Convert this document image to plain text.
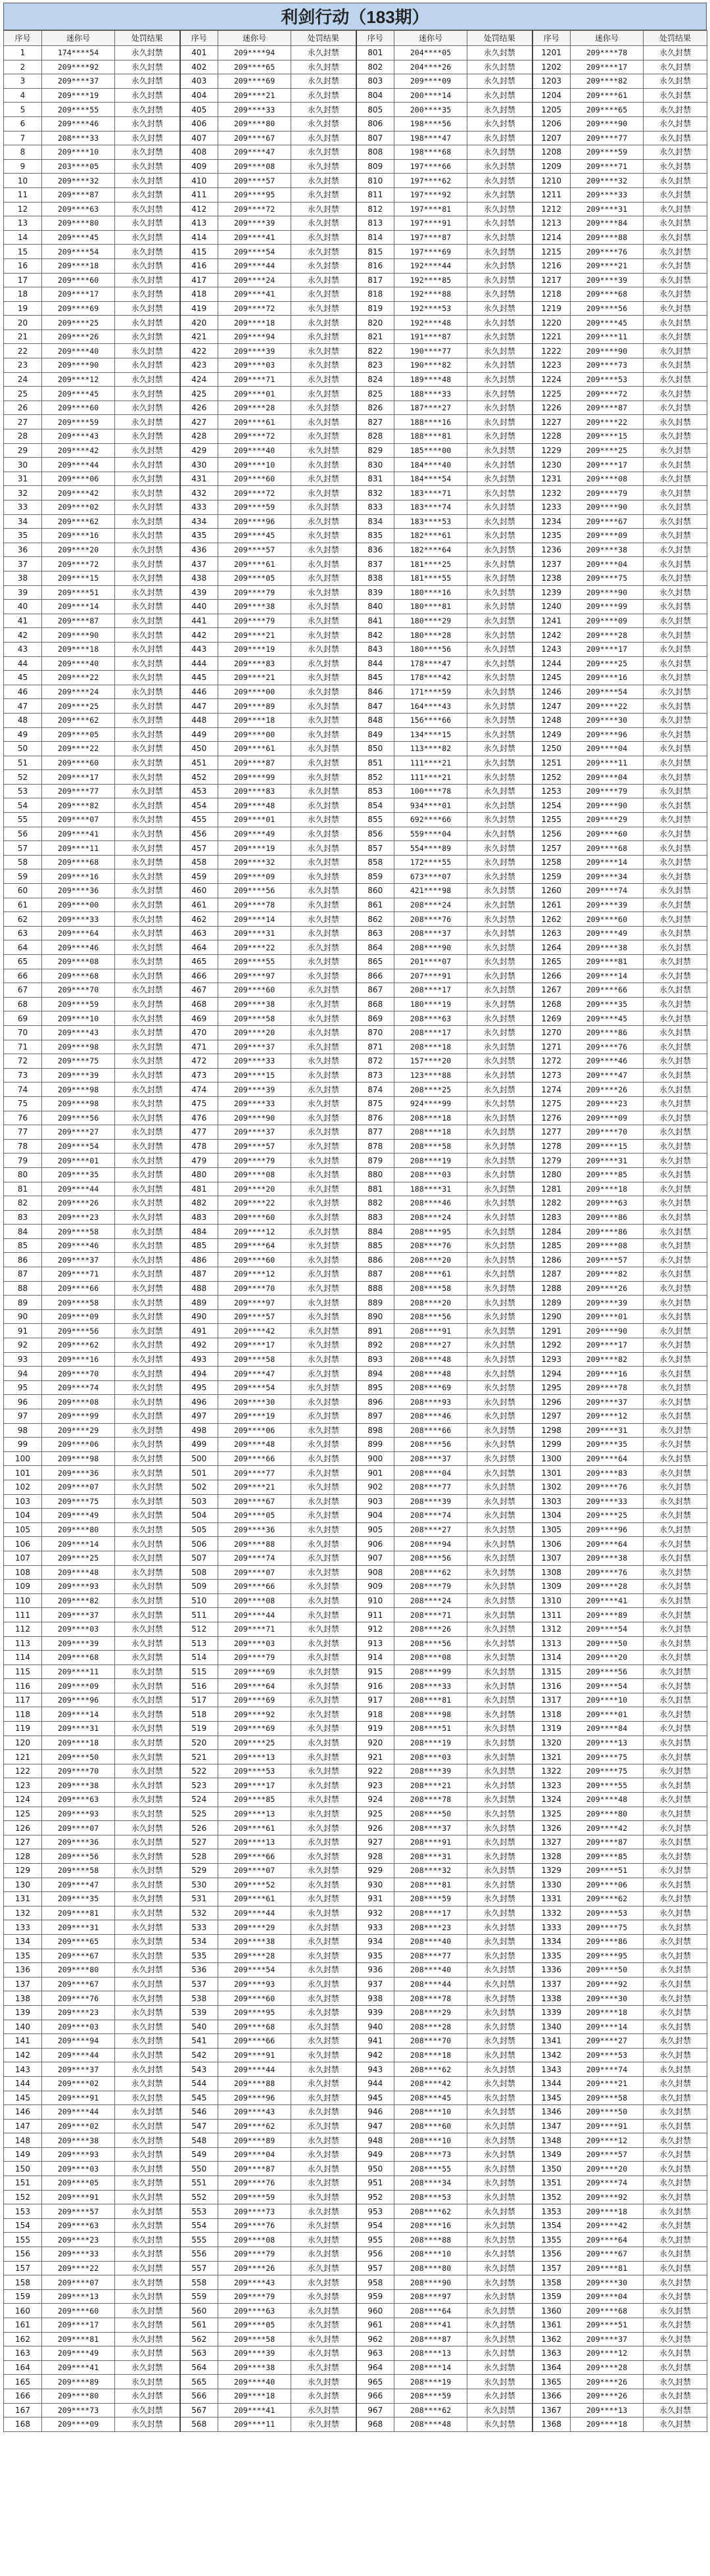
利剑行动（183期）
序号	迷你号	处罚结果	序号	迷你号	处罚结果	序号	迷你号	处罚结果	序号	迷你号	处罚结果
1	174****54	永久封禁	401	209****94	永久封禁	801	204****05	永久封禁	1201	209****78	永久封禁
2	209****92	永久封禁	402	209****65	永久封禁	802	204****26	永久封禁	1202	209****17	永久封禁
3	209****37	永久封禁	403	209****69	永久封禁	803	209****09	永久封禁	1203	209****82	永久封禁
4	209****19	永久封禁	404	209****21	永久封禁	804	200****14	永久封禁	1204	209****61	永久封禁
5	209****55	永久封禁	405	209****33	永久封禁	805	200****35	永久封禁	1205	209****65	永久封禁
6	209****46	永久封禁	406	209****80	永久封禁	806	198****56	永久封禁	1206	209****90	永久封禁
7	208****33	永久封禁	407	209****67	永久封禁	807	198****47	永久封禁	1207	209****77	永久封禁
8	209****10	永久封禁	408	209****47	永久封禁	808	198****68	永久封禁	1208	209****59	永久封禁
9	203****05	永久封禁	409	209****08	永久封禁	809	197****66	永久封禁	1209	209****71	永久封禁
10	209****32	永久封禁	410	209****57	永久封禁	810	197****62	永久封禁	1210	209****32	永久封禁
11	209****87	永久封禁	411	209****95	永久封禁	811	197****92	永久封禁	1211	209****33	永久封禁
12	209****63	永久封禁	412	209****72	永久封禁	812	197****81	永久封禁	1212	209****31	永久封禁
13	209****80	永久封禁	413	209****39	永久封禁	813	197****91	永久封禁	1213	209****84	永久封禁
14	209****45	永久封禁	414	209****41	永久封禁	814	197****87	永久封禁	1214	209****88	永久封禁
15	209****54	永久封禁	415	209****54	永久封禁	815	197****69	永久封禁	1215	209****76	永久封禁
16	209****18	永久封禁	416	209****44	永久封禁	816	192****44	永久封禁	1216	209****21	永久封禁
17	209****60	永久封禁	417	209****24	永久封禁	817	192****85	永久封禁	1217	209****39	永久封禁
18	209****17	永久封禁	418	209****41	永久封禁	818	192****88	永久封禁	1218	209****68	永久封禁
19	209****69	永久封禁	419	209****72	永久封禁	819	192****53	永久封禁	1219	209****56	永久封禁
20	209****25	永久封禁	420	209****18	永久封禁	820	192****48	永久封禁	1220	209****45	永久封禁
21	209****26	永久封禁	421	209****94	永久封禁	821	191****87	永久封禁	1221	209****11	永久封禁
22	209****40	永久封禁	422	209****39	永久封禁	822	190****77	永久封禁	1222	209****90	永久封禁
23	209****90	永久封禁	423	209****03	永久封禁	823	190****82	永久封禁	1223	209****73	永久封禁
24	209****12	永久封禁	424	209****71	永久封禁	824	189****48	永久封禁	1224	209****53	永久封禁
25	209****45	永久封禁	425	209****01	永久封禁	825	188****33	永久封禁	1225	209****72	永久封禁
26	209****60	永久封禁	426	209****28	永久封禁	826	187****27	永久封禁	1226	209****87	永久封禁
27	209****59	永久封禁	427	209****61	永久封禁	827	188****16	永久封禁	1227	209****22	永久封禁
28	209****43	永久封禁	428	209****72	永久封禁	828	188****81	永久封禁	1228	209****15	永久封禁
29	209****42	永久封禁	429	209****40	永久封禁	829	185****00	永久封禁	1229	209****25	永久封禁
30	209****44	永久封禁	430	209****10	永久封禁	830	184****40	永久封禁	1230	209****17	永久封禁
31	209****06	永久封禁	431	209****60	永久封禁	831	184****54	永久封禁	1231	209****08	永久封禁
32	209****42	永久封禁	432	209****72	永久封禁	832	183****71	永久封禁	1232	209****79	永久封禁
33	209****02	永久封禁	433	209****59	永久封禁	833	183****74	永久封禁	1233	209****90	永久封禁
34	209****62	永久封禁	434	209****96	永久封禁	834	183****53	永久封禁	1234	209****67	永久封禁
35	209****16	永久封禁	435	209****45	永久封禁	835	182****61	永久封禁	1235	209****09	永久封禁
36	209****20	永久封禁	436	209****57	永久封禁	836	182****64	永久封禁	1236	209****38	永久封禁
37	209****72	永久封禁	437	209****61	永久封禁	837	181****25	永久封禁	1237	209****04	永久封禁
38	209****15	永久封禁	438	209****05	永久封禁	838	181****55	永久封禁	1238	209****75	永久封禁
39	209****51	永久封禁	439	209****79	永久封禁	839	180****16	永久封禁	1239	209****90	永久封禁
40	209****14	永久封禁	440	209****38	永久封禁	840	180****81	永久封禁	1240	209****99	永久封禁
41	209****87	永久封禁	441	209****79	永久封禁	841	180****29	永久封禁	1241	209****09	永久封禁
42	209****90	永久封禁	442	209****21	永久封禁	842	180****28	永久封禁	1242	209****28	永久封禁
43	209****18	永久封禁	443	209****19	永久封禁	843	180****56	永久封禁	1243	209****17	永久封禁
44	209****40	永久封禁	444	209****83	永久封禁	844	178****47	永久封禁	1244	209****25	永久封禁
45	209****22	永久封禁	445	209****21	永久封禁	845	178****42	永久封禁	1245	209****16	永久封禁
46	209****24	永久封禁	446	209****00	永久封禁	846	171****59	永久封禁	1246	209****54	永久封禁
47	209****25	永久封禁	447	209****89	永久封禁	847	164****43	永久封禁	1247	209****22	永久封禁
48	209****62	永久封禁	448	209****18	永久封禁	848	156****66	永久封禁	1248	209****30	永久封禁
49	209****05	永久封禁	449	209****00	永久封禁	849	134****15	永久封禁	1249	209****96	永久封禁
50	209****22	永久封禁	450	209****61	永久封禁	850	113****82	永久封禁	1250	209****04	永久封禁
51	209****60	永久封禁	451	209****87	永久封禁	851	111****21	永久封禁	1251	209****11	永久封禁
52	209****17	永久封禁	452	209****99	永久封禁	852	111****21	永久封禁	1252	209****04	永久封禁
53	209****77	永久封禁	453	209****83	永久封禁	853	100****78	永久封禁	1253	209****79	永久封禁
54	209****82	永久封禁	454	209****48	永久封禁	854	934****01	永久封禁	1254	209****90	永久封禁
55	209****07	永久封禁	455	209****01	永久封禁	855	692****66	永久封禁	1255	209****29	永久封禁
56	209****41	永久封禁	456	209****49	永久封禁	856	559****04	永久封禁	1256	209****60	永久封禁
57	209****11	永久封禁	457	209****19	永久封禁	857	554****89	永久封禁	1257	209****68	永久封禁
58	209****68	永久封禁	458	209****32	永久封禁	858	172****55	永久封禁	1258	209****14	永久封禁
59	209****16	永久封禁	459	209****09	永久封禁	859	673****07	永久封禁	1259	209****34	永久封禁
60	209****36	永久封禁	460	209****56	永久封禁	860	421****98	永久封禁	1260	209****74	永久封禁
61	209****00	永久封禁	461	209****78	永久封禁	861	208****24	永久封禁	1261	209****39	永久封禁
62	209****33	永久封禁	462	209****14	永久封禁	862	208****76	永久封禁	1262	209****60	永久封禁
63	209****64	永久封禁	463	209****31	永久封禁	863	208****37	永久封禁	1263	209****49	永久封禁
64	209****46	永久封禁	464	209****22	永久封禁	864	208****90	永久封禁	1264	209****38	永久封禁
65	209****08	永久封禁	465	209****55	永久封禁	865	201****07	永久封禁	1265	209****81	永久封禁
66	209****68	永久封禁	466	209****97	永久封禁	866	207****91	永久封禁	1266	209****14	永久封禁
67	209****70	永久封禁	467	209****60	永久封禁	867	208****17	永久封禁	1267	209****66	永久封禁
68	209****59	永久封禁	468	209****38	永久封禁	868	180****19	永久封禁	1268	209****35	永久封禁
69	209****10	永久封禁	469	209****58	永久封禁	869	208****63	永久封禁	1269	209****45	永久封禁
70	209****43	永久封禁	470	209****20	永久封禁	870	208****17	永久封禁	1270	209****86	永久封禁
71	209****98	永久封禁	471	209****37	永久封禁	871	208****18	永久封禁	1271	209****76	永久封禁
72	209****75	永久封禁	472	209****33	永久封禁	872	157****20	永久封禁	1272	209****46	永久封禁
73	209****39	永久封禁	473	209****15	永久封禁	873	123****88	永久封禁	1273	209****47	永久封禁
74	209****98	永久封禁	474	209****39	永久封禁	874	208****25	永久封禁	1274	209****26	永久封禁
75	209****98	永久封禁	475	209****33	永久封禁	875	924****99	永久封禁	1275	209****23	永久封禁
76	209****56	永久封禁	476	209****90	永久封禁	876	208****18	永久封禁	1276	209****09	永久封禁
77	209****27	永久封禁	477	209****37	永久封禁	877	208****18	永久封禁	1277	209****70	永久封禁
78	209****54	永久封禁	478	209****57	永久封禁	878	208****58	永久封禁	1278	209****15	永久封禁
79	209****01	永久封禁	479	209****79	永久封禁	879	208****19	永久封禁	1279	209****31	永久封禁
80	209****35	永久封禁	480	209****08	永久封禁	880	208****03	永久封禁	1280	209****85	永久封禁
81	209****44	永久封禁	481	209****20	永久封禁	881	188****31	永久封禁	1281	209****18	永久封禁
82	209****26	永久封禁	482	209****22	永久封禁	882	208****46	永久封禁	1282	209****63	永久封禁
83	209****23	永久封禁	483	209****60	永久封禁	883	208****24	永久封禁	1283	209****86	永久封禁
84	209****58	永久封禁	484	209****12	永久封禁	884	208****95	永久封禁	1284	209****86	永久封禁
85	209****46	永久封禁	485	209****64	永久封禁	885	208****76	永久封禁	1285	209****08	永久封禁
86	209****37	永久封禁	486	209****60	永久封禁	886	208****20	永久封禁	1286	209****57	永久封禁
87	209****71	永久封禁	487	209****12	永久封禁	887	208****61	永久封禁	1287	209****82	永久封禁
88	209****66	永久封禁	488	209****70	永久封禁	888	208****58	永久封禁	1288	209****26	永久封禁
89	209****58	永久封禁	489	209****97	永久封禁	889	208****20	永久封禁	1289	209****39	永久封禁
90	209****09	永久封禁	490	209****57	永久封禁	890	208****56	永久封禁	1290	209****01	永久封禁
91	209****56	永久封禁	491	209****42	永久封禁	891	208****91	永久封禁	1291	209****90	永久封禁
92	209****62	永久封禁	492	209****17	永久封禁	892	208****27	永久封禁	1292	209****17	永久封禁
93	209****16	永久封禁	493	209****58	永久封禁	893	208****48	永久封禁	1293	209****82	永久封禁
94	209****70	永久封禁	494	209****47	永久封禁	894	208****48	永久封禁	1294	209****16	永久封禁
95	209****74	永久封禁	495	209****54	永久封禁	895	208****69	永久封禁	1295	209****78	永久封禁
96	209****08	永久封禁	496	209****30	永久封禁	896	208****93	永久封禁	1296	209****37	永久封禁
97	209****99	永久封禁	497	209****19	永久封禁	897	208****46	永久封禁	1297	209****12	永久封禁
98	209****29	永久封禁	498	209****06	永久封禁	898	208****66	永久封禁	1298	209****31	永久封禁
99	209****06	永久封禁	499	209****48	永久封禁	899	208****56	永久封禁	1299	209****35	永久封禁
100	209****98	永久封禁	500	209****66	永久封禁	900	208****37	永久封禁	1300	209****64	永久封禁
101	209****36	永久封禁	501	209****77	永久封禁	901	208****04	永久封禁	1301	209****83	永久封禁
102	209****07	永久封禁	502	209****21	永久封禁	902	208****77	永久封禁	1302	209****76	永久封禁
103	209****75	永久封禁	503	209****67	永久封禁	903	208****39	永久封禁	1303	209****33	永久封禁
104	209****49	永久封禁	504	209****05	永久封禁	904	208****74	永久封禁	1304	209****25	永久封禁
105	209****80	永久封禁	505	209****36	永久封禁	905	208****27	永久封禁	1305	209****96	永久封禁
106	209****14	永久封禁	506	209****88	永久封禁	906	208****94	永久封禁	1306	209****64	永久封禁
107	209****25	永久封禁	507	209****74	永久封禁	907	208****56	永久封禁	1307	209****38	永久封禁
108	209****48	永久封禁	508	209****07	永久封禁	908	208****62	永久封禁	1308	209****76	永久封禁
109	209****93	永久封禁	509	209****66	永久封禁	909	208****79	永久封禁	1309	209****28	永久封禁
110	209****82	永久封禁	510	209****08	永久封禁	910	208****24	永久封禁	1310	209****41	永久封禁
111	209****37	永久封禁	511	209****44	永久封禁	911	208****71	永久封禁	1311	209****89	永久封禁
112	209****03	永久封禁	512	209****71	永久封禁	912	208****26	永久封禁	1312	209****54	永久封禁
113	209****39	永久封禁	513	209****03	永久封禁	913	208****56	永久封禁	1313	209****50	永久封禁
114	209****68	永久封禁	514	209****79	永久封禁	914	208****08	永久封禁	1314	209****20	永久封禁
115	209****11	永久封禁	515	209****69	永久封禁	915	208****99	永久封禁	1315	209****56	永久封禁
116	209****09	永久封禁	516	209****64	永久封禁	916	208****33	永久封禁	1316	209****54	永久封禁
117	209****96	永久封禁	517	209****69	永久封禁	917	208****81	永久封禁	1317	209****10	永久封禁
118	209****14	永久封禁	518	209****92	永久封禁	918	208****98	永久封禁	1318	209****01	永久封禁
119	209****31	永久封禁	519	209****69	永久封禁	919	208****51	永久封禁	1319	209****84	永久封禁
120	209****18	永久封禁	520	209****25	永久封禁	920	208****19	永久封禁	1320	209****13	永久封禁
121	209****50	永久封禁	521	209****13	永久封禁	921	208****03	永久封禁	1321	209****75	永久封禁
122	209****70	永久封禁	522	209****53	永久封禁	922	208****39	永久封禁	1322	209****75	永久封禁
123	209****38	永久封禁	523	209****17	永久封禁	923	208****21	永久封禁	1323	209****55	永久封禁
124	209****63	永久封禁	524	209****85	永久封禁	924	208****78	永久封禁	1324	209****48	永久封禁
125	209****93	永久封禁	525	209****13	永久封禁	925	208****50	永久封禁	1325	209****80	永久封禁
126	209****07	永久封禁	526	209****61	永久封禁	926	208****37	永久封禁	1326	209****42	永久封禁
127	209****36	永久封禁	527	209****13	永久封禁	927	208****91	永久封禁	1327	209****87	永久封禁
128	209****56	永久封禁	528	209****66	永久封禁	928	208****31	永久封禁	1328	209****85	永久封禁
129	209****58	永久封禁	529	209****07	永久封禁	929	208****32	永久封禁	1329	209****51	永久封禁
130	209****47	永久封禁	530	209****52	永久封禁	930	208****81	永久封禁	1330	209****06	永久封禁
131	209****35	永久封禁	531	209****61	永久封禁	931	208****59	永久封禁	1331	209****62	永久封禁
132	209****81	永久封禁	532	209****44	永久封禁	932	208****17	永久封禁	1332	209****53	永久封禁
133	209****31	永久封禁	533	209****29	永久封禁	933	208****23	永久封禁	1333	209****75	永久封禁
134	209****65	永久封禁	534	209****38	永久封禁	934	208****40	永久封禁	1334	209****86	永久封禁
135	209****67	永久封禁	535	209****28	永久封禁	935	208****77	永久封禁	1335	209****95	永久封禁
136	209****80	永久封禁	536	209****54	永久封禁	936	208****40	永久封禁	1336	209****50	永久封禁
137	209****67	永久封禁	537	209****93	永久封禁	937	208****44	永久封禁	1337	209****92	永久封禁
138	209****76	永久封禁	538	209****60	永久封禁	938	208****78	永久封禁	1338	209****30	永久封禁
139	209****23	永久封禁	539	209****95	永久封禁	939	208****29	永久封禁	1339	209****18	永久封禁
140	209****03	永久封禁	540	209****68	永久封禁	940	208****28	永久封禁	1340	209****14	永久封禁
141	209****94	永久封禁	541	209****66	永久封禁	941	208****70	永久封禁	1341	209****27	永久封禁
142	209****44	永久封禁	542	209****91	永久封禁	942	208****18	永久封禁	1342	209****53	永久封禁
143	209****37	永久封禁	543	209****44	永久封禁	943	208****62	永久封禁	1343	209****74	永久封禁
144	209****02	永久封禁	544	209****88	永久封禁	944	208****42	永久封禁	1344	209****21	永久封禁
145	209****91	永久封禁	545	209****96	永久封禁	945	208****45	永久封禁	1345	209****58	永久封禁
146	209****44	永久封禁	546	209****43	永久封禁	946	208****10	永久封禁	1346	209****50	永久封禁
147	209****02	永久封禁	547	209****62	永久封禁	947	208****60	永久封禁	1347	209****91	永久封禁
148	209****38	永久封禁	548	209****89	永久封禁	948	208****10	永久封禁	1348	209****12	永久封禁
149	209****93	永久封禁	549	209****04	永久封禁	949	208****73	永久封禁	1349	209****57	永久封禁
150	209****03	永久封禁	550	209****87	永久封禁	950	208****55	永久封禁	1350	209****20	永久封禁
151	209****05	永久封禁	551	209****76	永久封禁	951	208****34	永久封禁	1351	209****74	永久封禁
152	209****91	永久封禁	552	209****59	永久封禁	952	208****53	永久封禁	1352	209****92	永久封禁
153	209****57	永久封禁	553	209****73	永久封禁	953	208****62	永久封禁	1353	209****18	永久封禁
154	209****63	永久封禁	554	209****76	永久封禁	954	208****16	永久封禁	1354	209****42	永久封禁
155	209****23	永久封禁	555	209****08	永久封禁	955	208****88	永久封禁	1355	209****64	永久封禁
156	209****33	永久封禁	556	209****79	永久封禁	956	208****10	永久封禁	1356	209****67	永久封禁
157	209****22	永久封禁	557	209****26	永久封禁	957	208****80	永久封禁	1357	209****81	永久封禁
158	209****07	永久封禁	558	209****43	永久封禁	958	208****90	永久封禁	1358	209****30	永久封禁
159	209****13	永久封禁	559	209****79	永久封禁	959	208****97	永久封禁	1359	209****04	永久封禁
160	209****60	永久封禁	560	209****63	永久封禁	960	208****64	永久封禁	1360	209****68	永久封禁
161	209****17	永久封禁	561	209****05	永久封禁	961	208****41	永久封禁	1361	209****51	永久封禁
162	209****81	永久封禁	562	209****58	永久封禁	962	208****87	永久封禁	1362	209****37	永久封禁
163	209****49	永久封禁	563	209****39	永久封禁	963	208****13	永久封禁	1363	209****12	永久封禁
164	209****41	永久封禁	564	209****38	永久封禁	964	208****14	永久封禁	1364	209****28	永久封禁
165	209****89	永久封禁	565	209****40	永久封禁	965	208****19	永久封禁	1365	209****26	永久封禁
166	209****80	永久封禁	566	209****18	永久封禁	966	208****59	永久封禁	1366	209****26	永久封禁
167	209****73	永久封禁	567	209****41	永久封禁	967	208****62	永久封禁	1367	209****13	永久封禁
168	209****09	永久封禁	568	209****11	永久封禁	968	208****48	永久封禁	1368	209****18	永久封禁
